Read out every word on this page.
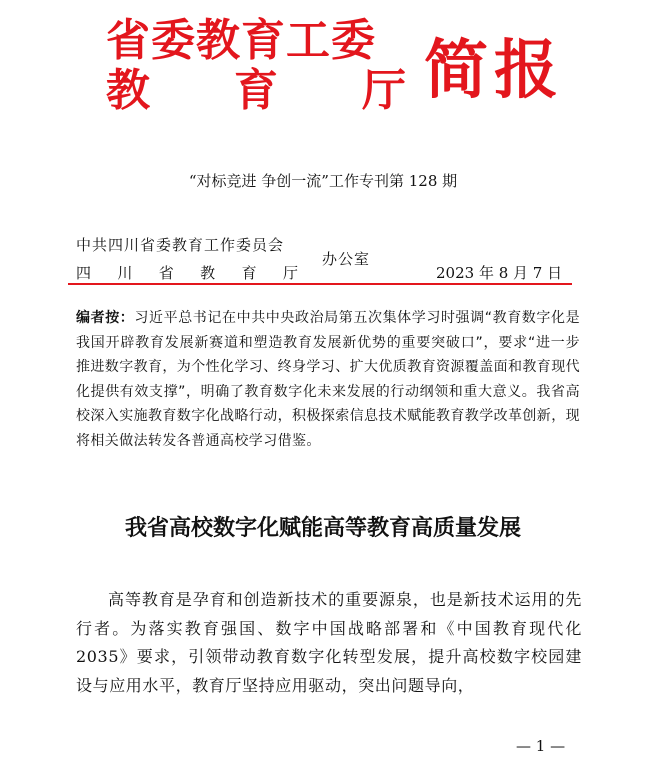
省委教育工委
教 育 厅 简报
“对标竞进 争创一流”工作专刊第 128 期
中共四川省委教育工作委员会
四 川 省 教 育 厅
办公室
2023 年 8 月 7 日
编者按：习近平总书记在中共中央政治局第五次集体学习时强调“教育数字化是我国开辟教育发展新赛道和塑造教育发展新优势的重要突破口”，要求“进一步推进数字教育，为个性化学习、终身学习、扩大优质教育资源覆盖面和教育现代化提供有效支撑”，明确了教育数字化未来发展的行动纲领和重大意义。我省高校深入实施教育数字化战略行动，积极探索信息技术赋能教育教学改革创新，现将相关做法转发各普通高校学习借鉴。
我省高校数字化赋能高等教育高质量发展
高等教育是孕育和创造新技术的重要源泉，也是新技术运用的先行者。为落实教育强国、数字中国战略部署和《中国教育现代化 2035》要求，引领带动教育数字化转型发展，提升高校数字校园建设与应用水平，教育厅坚持应用驱动，突出问题导向，
— 1 —
